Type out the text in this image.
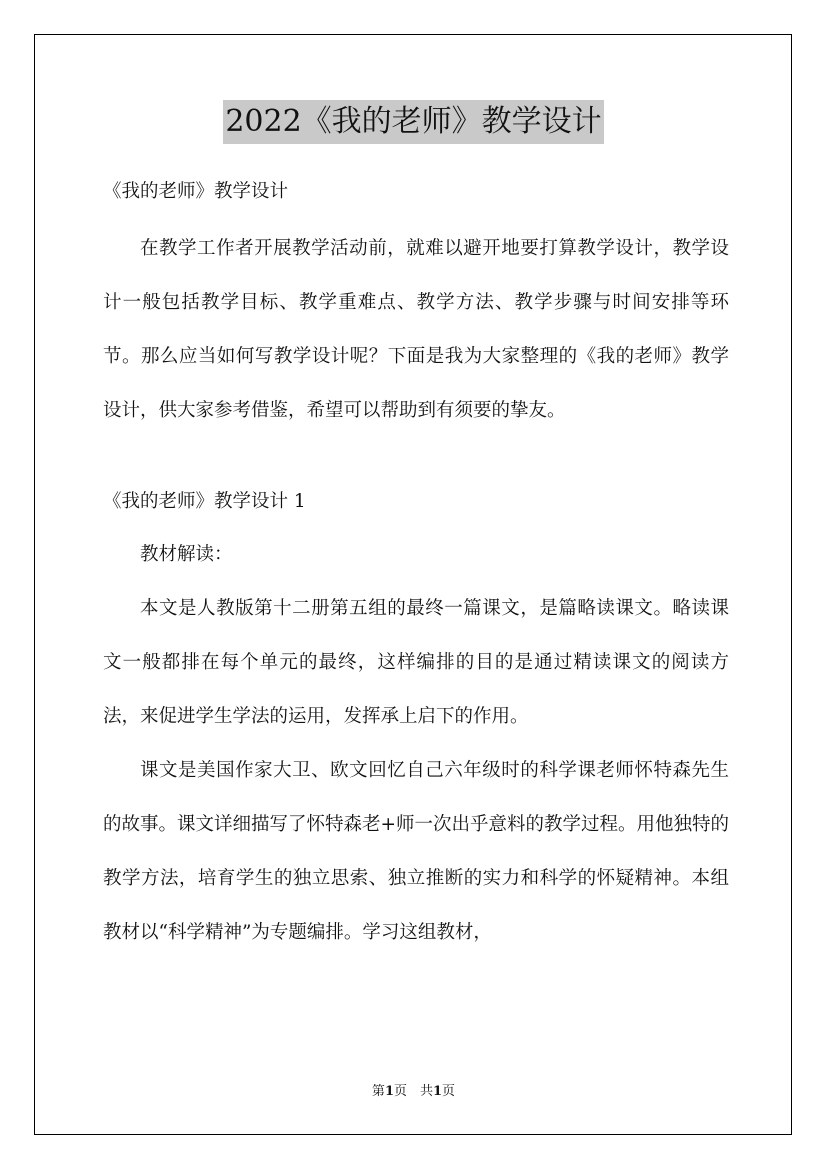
2022《我的老师》教学设计

《我的老师》教学设计

在教学工作者开展教学活动前，就难以避开地要打算教学设计，教学设计一般包括教学目标、教学重难点、教学方法、教学步骤与时间安排等环节。那么应当如何写教学设计呢？下面是我为大家整理的《我的老师》教学设计，供大家参考借鉴，希望可以帮助到有须要的挚友。

《我的老师》教学设计 1

教材解读：

本文是人教版第十二册第五组的最终一篇课文，是篇略读课文。略读课文一般都排在每个单元的最终，这样编排的目的是通过精读课文的阅读方法，来促进学生学法的运用，发挥承上启下的作用。

课文是美国作家大卫、欧文回忆自己六年级时的科学课老师怀特森先生的故事。课文详细描写了怀特森老+师一次出乎意料的教学过程。用他独特的教学方法，培育学生的独立思索、独立推断的实力和科学的怀疑精神。本组教材以“科学精神”为专题编排。学习这组教材，

第1页　共1页
